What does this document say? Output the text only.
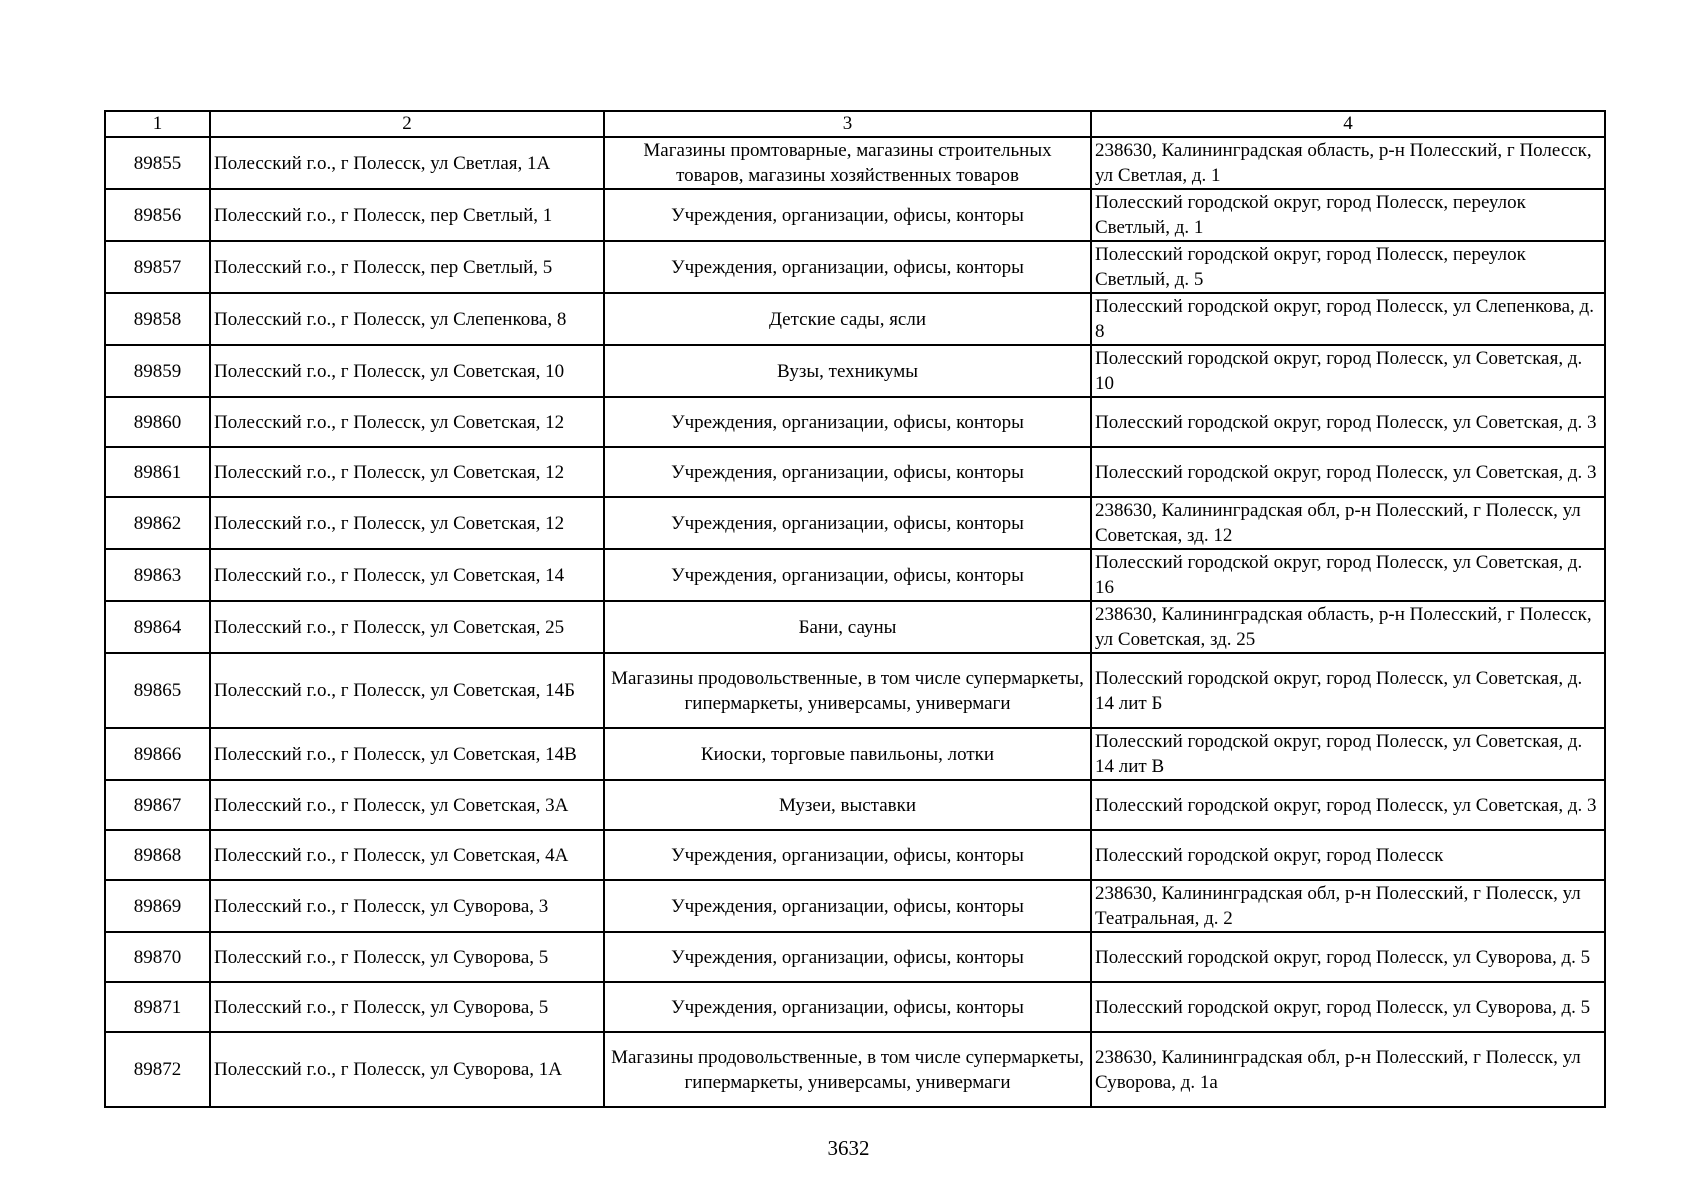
1	2	3	4
89855	Полесский г.о., г Полесск, ул Светлая, 1А	Магазины промтоварные, магазины строительных товаров, магазины хозяйственных товаров	238630, Калининградская область, р-н Полесский, г Полесск, ул Светлая, д. 1
89856	Полесский г.о., г Полесск, пер Светлый, 1	Учреждения, организации, офисы, конторы	Полесский городской округ, город Полесск, переулок Светлый, д. 1
89857	Полесский г.о., г Полесск, пер Светлый, 5	Учреждения, организации, офисы, конторы	Полесский городской округ, город Полесск, переулок Светлый, д. 5
89858	Полесский г.о., г Полесск, ул Слепенкова, 8	Детские сады, ясли	Полесский городской округ, город Полесск, ул Слепенкова, д. 8
89859	Полесский г.о., г Полесск, ул Советская, 10	Вузы, техникумы	Полесский городской округ, город Полесск, ул Советская, д. 10
89860	Полесский г.о., г Полесск, ул Советская, 12	Учреждения, организации, офисы, конторы	Полесский городской округ, город Полесск, ул Советская, д. 3
89861	Полесский г.о., г Полесск, ул Советская, 12	Учреждения, организации, офисы, конторы	Полесский городской округ, город Полесск, ул Советская, д. 3
89862	Полесский г.о., г Полесск, ул Советская, 12	Учреждения, организации, офисы, конторы	238630, Калининградская обл, р-н Полесский, г Полесск, ул Советская, зд. 12
89863	Полесский г.о., г Полесск, ул Советская, 14	Учреждения, организации, офисы, конторы	Полесский городской округ, город Полесск, ул Советская, д. 16
89864	Полесский г.о., г Полесск, ул Советская, 25	Бани, сауны	238630, Калининградская область, р-н Полесский, г Полесск, ул Советская, зд. 25
89865	Полесский г.о., г Полесск, ул Советская, 14Б	Магазины продовольственные, в том числе супермаркеты, гипермаркеты, универсамы, универмаги	Полесский городской округ, город Полесск, ул Советская, д. 14 лит Б
89866	Полесский г.о., г Полесск, ул Советская, 14В	Киоски, торговые павильоны, лотки	Полесский городской округ, город Полесск, ул Советская, д. 14 лит В
89867	Полесский г.о., г Полесск, ул Советская, 3А	Музеи, выставки	Полесский городской округ, город Полесск, ул Советская, д. 3
89868	Полесский г.о., г Полесск, ул Советская, 4А	Учреждения, организации, офисы, конторы	Полесский городской округ, город Полесск
89869	Полесский г.о., г Полесск, ул Суворова, 3	Учреждения, организации, офисы, конторы	238630, Калининградская обл, р-н Полесский, г Полесск, ул Театральная, д. 2
89870	Полесский г.о., г Полесск, ул Суворова, 5	Учреждения, организации, офисы, конторы	Полесский городской округ, город Полесск, ул Суворова, д. 5
89871	Полесский г.о., г Полесск, ул Суворова, 5	Учреждения, организации, офисы, конторы	Полесский городской округ, город Полесск, ул Суворова, д. 5
89872	Полесский г.о., г Полесск, ул Суворова, 1А	Магазины продовольственные, в том числе супермаркеты, гипермаркеты, универсамы, универмаги	238630, Калининградская обл, р-н Полесский, г Полесск, ул Суворова, д. 1а
3632
